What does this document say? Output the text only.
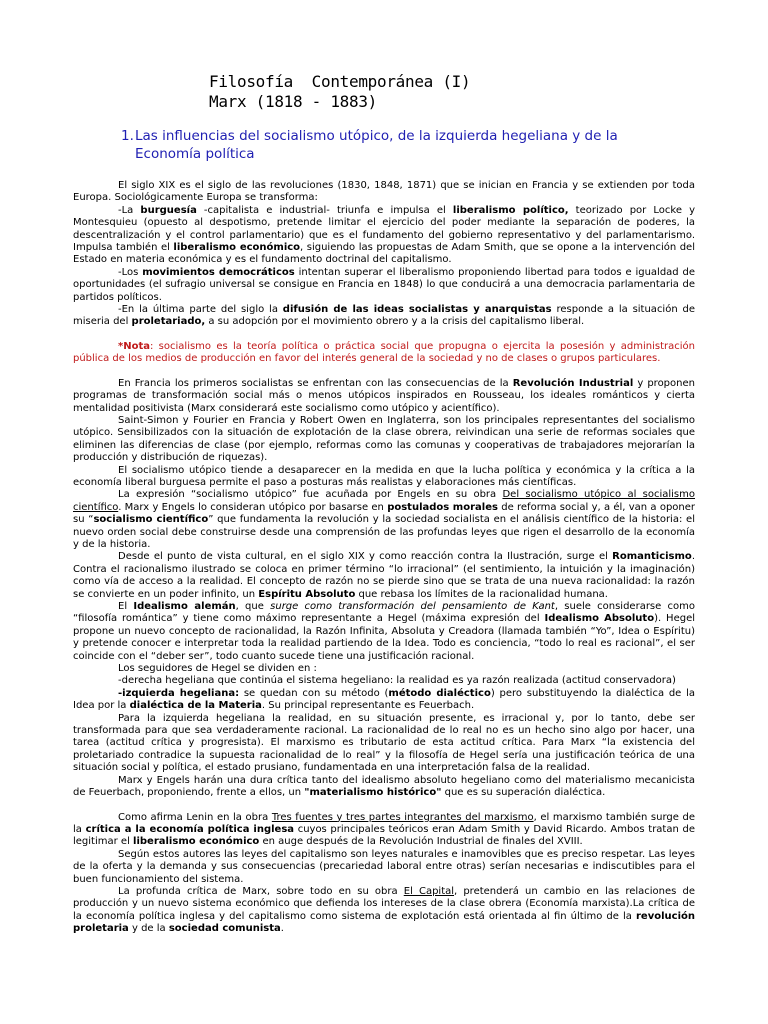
Filosofía  Contemporánea (I)
Marx (1818 - 1883)
1.Las influencias del socialismo utópico, de la izquierda hegeliana y de la
Economía política

El siglo XIX es el siglo de las revoluciones (1830, 1848, 1871) que se inician en Francia y se extienden por toda Europa. Sociológicamente Europa se transforma:

-La burguesía -capitalista e industrial- triunfa e impulsa el liberalismo político, teorizado por Locke y Montesquieu (opuesto al despotismo, pretende limitar el ejercicio del poder mediante la separación de poderes, la descentralización y el control parlamentario) que es el fundamento del gobierno representativo y del parlamentarismo. Impulsa también el liberalismo económico, siguiendo las propuestas de Adam Smith, que se opone a la intervención del Estado en materia económica y es el fundamento doctrinal del capitalismo.

-Los movimientos democráticos intentan superar el liberalismo proponiendo libertad para todos e igualdad de oportunidades (el sufragio universal se consigue en Francia en 1848) lo que conducirá a una democracia parlamentaria de partidos políticos.

-En la última parte del siglo la difusión de las ideas socialistas y anarquistas responde a la situación de miseria del proletariado, a su adopción por el movimiento obrero y a la crisis del capitalismo liberal.

*Nota: socialismo es la teoría política o práctica social que propugna o ejercita la posesión y administración pública de los medios de producción en favor del interés general de la sociedad y no de clases o grupos particulares.

En Francia los primeros socialistas se enfrentan con las consecuencias de la Revolución Industrial y proponen programas de transformación social más o menos utópicos inspirados en Rousseau, los ideales románticos y cierta mentalidad positivista (Marx considerará este socialismo como utópico y acientífico).

Saint-Simon y Fourier en Francia y Robert Owen en Inglaterra, son los principales representantes del socialismo utópico. Sensibilizados con la situación de explotación de la clase obrera, reivindican una serie de reformas sociales que eliminen las diferencias de clase (por ejemplo, reformas como las comunas y cooperativas de trabajadores mejorarían la producción y distribución de riquezas).

El socialismo utópico tiende a desaparecer en la medida en que la lucha política y económica y la crítica a la economía liberal burguesa permite el paso a posturas más realistas y elaboraciones más científicas.

La expresión “socialismo utópico” fue acuñada por Engels en su obra Del socialismo utópico al socialismo científico. Marx y Engels lo consideran utópico por basarse en postulados morales de reforma social y, a él, van a oponer su “socialismo científico” que fundamenta la revolución y la sociedad socialista en el análisis científico de la historia: el nuevo orden social debe construirse desde una comprensión de las profundas leyes que rigen el desarrollo de la economía y de la historia.

Desde el punto de vista cultural, en el siglo XIX y como reacción contra la Ilustración, surge el Romanticismo. Contra el racionalismo ilustrado se coloca en primer término “lo irracional” (el sentimiento, la intuición y la imaginación) como vía de acceso a la realidad. El concepto de razón no se pierde sino que se trata de una nueva racionalidad: la razón se convierte en un poder infinito, un Espíritu Absoluto que rebasa los límites de la racionalidad humana.

El Idealismo alemán, que surge como transformación del pensamiento de Kant, suele considerarse como “filosofía romántica” y tiene como máximo representante a Hegel (máxima expresión del Idealismo Absoluto). Hegel propone un nuevo concepto de racionalidad, la Razón Infinita, Absoluta y Creadora (llamada también “Yo”, Idea o Espíritu) y pretende conocer e interpretar toda la realidad partiendo de la Idea. Todo es conciencia, “todo lo real es racional”, el ser coincide con el “deber ser”, todo cuanto sucede tiene una justificación racional.

Los seguidores de Hegel se dividen en :

-derecha hegeliana que continúa el sistema hegeliano: la realidad es ya razón realizada (actitud conservadora)

-izquierda hegeliana: se quedan con su método (método dialéctico) pero substituyendo la dialéctica de la Idea por la dialéctica de la Materia. Su principal representante es Feuerbach.

Para la izquierda hegeliana la realidad, en su situación presente, es irracional y, por lo tanto, debe ser transformada para que sea verdaderamente racional. La racionalidad de lo real no es un hecho sino algo por hacer, una tarea (actitud crítica y progresista). El marxismo es tributario de esta actitud crítica. Para Marx “la existencia del proletariado contradice la supuesta racionalidad de lo real” y la filosofía de Hegel sería una justificación teórica de una situación social y política, el estado prusiano, fundamentada en una interpretación falsa de la realidad.

Marx y Engels harán una dura crítica tanto del idealismo absoluto hegeliano como del materialismo mecanicista de Feuerbach, proponiendo, frente a ellos, un "materialismo histórico" que es su superación dialéctica.

Como afirma Lenin en la obra Tres fuentes y tres partes integrantes del marxismo, el marxismo también surge de la crítica a la economía política inglesa cuyos principales teóricos eran Adam Smith y David Ricardo. Ambos tratan de legitimar el liberalismo económico en auge después de la Revolución Industrial de finales del XVIII.

Según estos autores las leyes del capitalismo son leyes naturales e inamovibles que es preciso respetar. Las leyes de la oferta y la demanda y sus consecuencias (precariedad laboral entre otras) serían necesarias e indiscutibles para el buen funcionamiento del sistema.

La profunda crítica de Marx, sobre todo en su obra El Capital, pretenderá un cambio en las relaciones de producción y un nuevo sistema económico que defienda los intereses de la clase obrera (Economía marxista).La crítica de la economía política inglesa y del capitalismo como sistema de explotación está orientada al fin último de la revolución proletaria y de la sociedad comunista.
